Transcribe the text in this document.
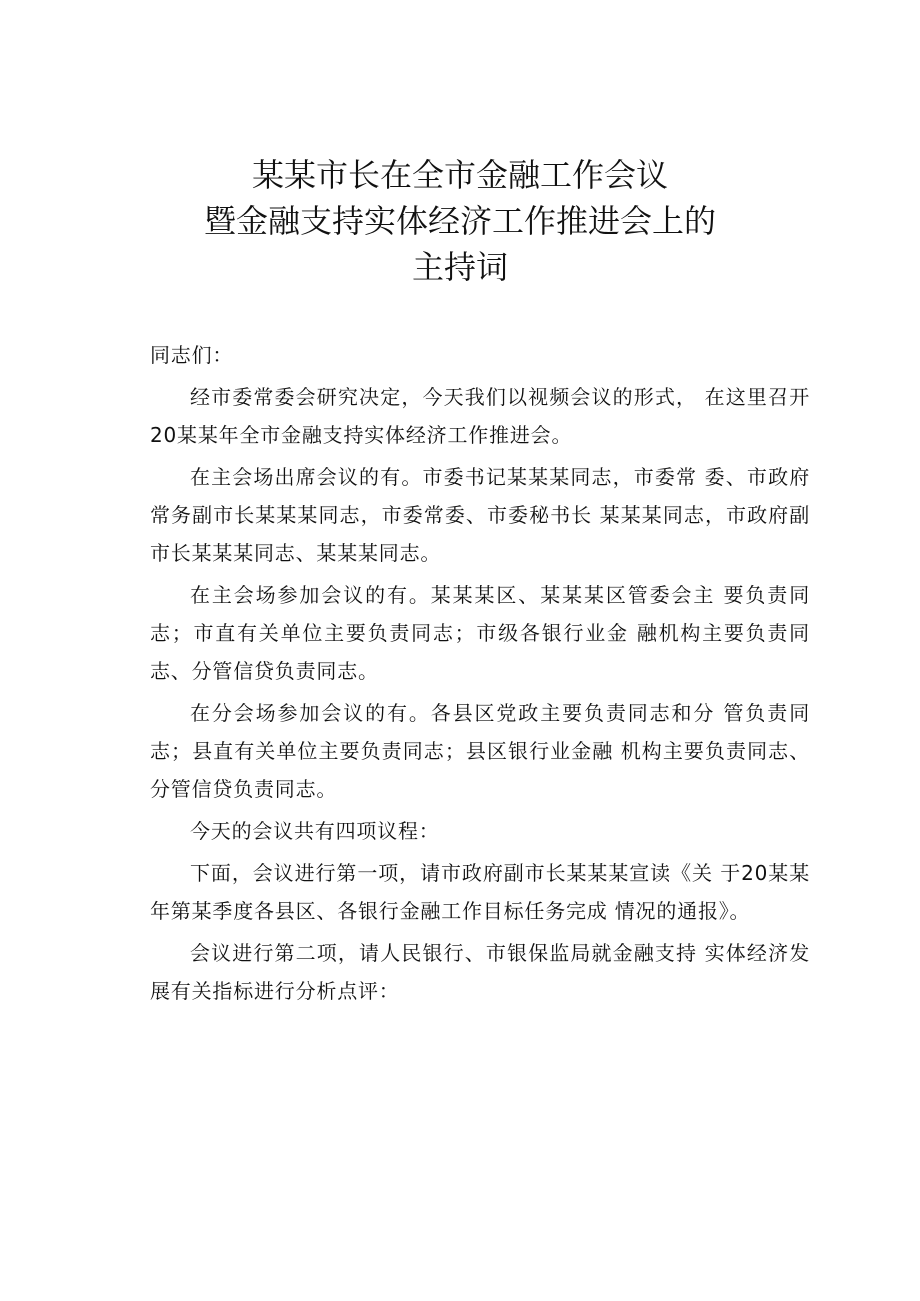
某某市长在全市金融工作会议
暨金融支持实体经济工作推进会上的
主持词

同志们：

经市委常委会研究决定，今天我们以视频会议的形式， 在这里召开20某某年全市金融支持实体经济工作推进会。

在主会场出席会议的有。市委书记某某某同志，市委常 委、市政府常务副市长某某某同志，市委常委、市委秘书长 某某某同志，市政府副市长某某某同志、某某某同志。

在主会场参加会议的有。某某某区、某某某区管委会主 要负责同志；市直有关单位主要负责同志；市级各银行业金 融机构主要负责同志、分管信贷负责同志。

在分会场参加会议的有。各县区党政主要负责同志和分 管负责同志；县直有关单位主要负责同志；县区银行业金融 机构主要负责同志、分管信贷负责同志。

今天的会议共有四项议程：

下面，会议进行第一项，请市政府副市长某某某宣读《关 于20某某年第某季度各县区、各银行金融工作目标任务完成 情况的通报》。

会议进行第二项，请人民银行、市银保监局就金融支持 实体经济发展有关指标进行分析点评：
